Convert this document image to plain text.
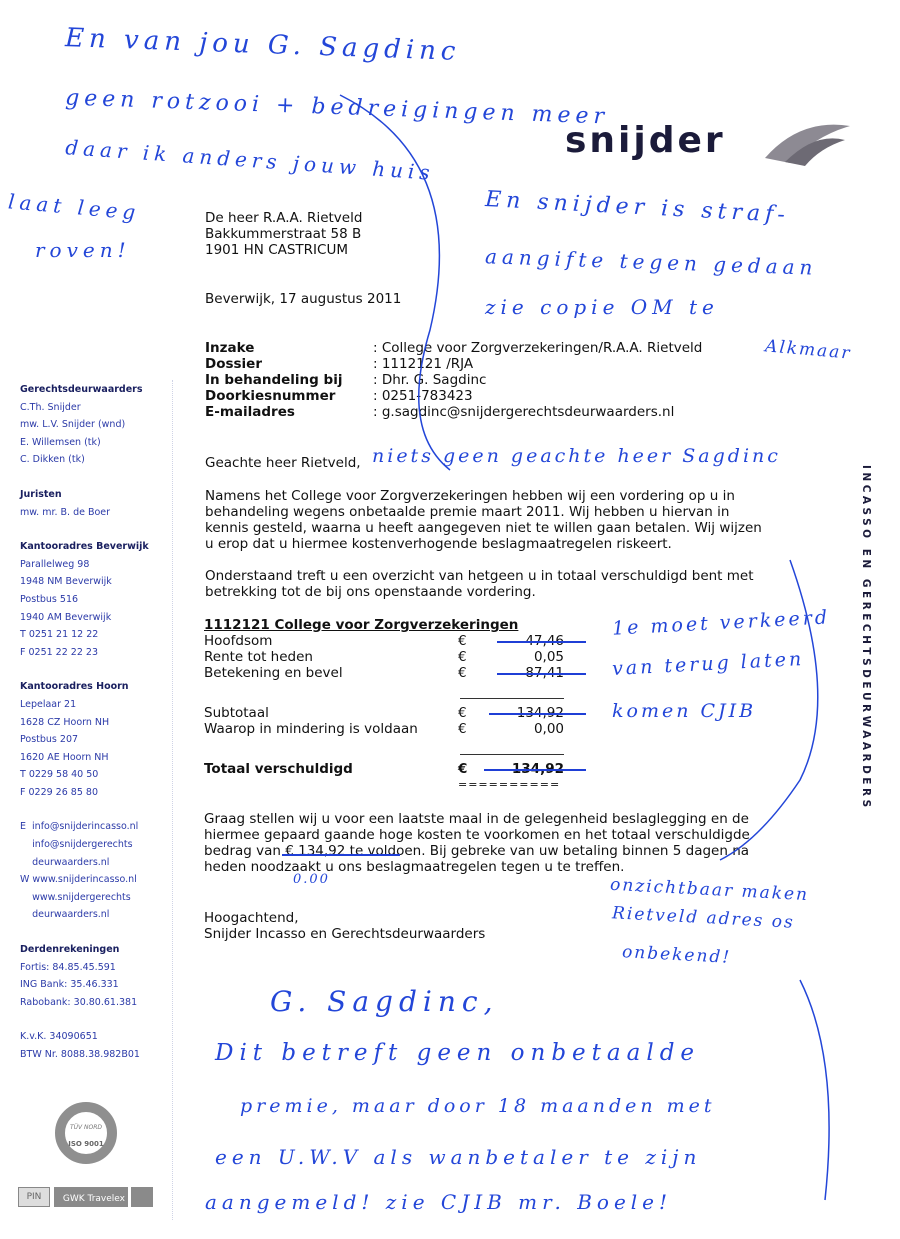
snijder
De heer R.A.A. Rietveld
Bakkummerstraat 58 B
1901 HN CASTRICUM
Beverwijk, 17 augustus 2011
Inzake	: College voor Zorgverzekeringen/R.A.A. Rietveld
Dossier	: 1112121 /RJA
In behandeling bij	: Dhr. G. Sagdinc
Doorkiesnummer	: 0251-783423
E-mailadres	: g.sagdinc@snijdergerechtsdeurwaarders.nl
Geachte heer Rietveld,
Namens het College voor Zorgverzekeringen hebben wij een vordering op u in behandeling wegens onbetaalde premie maart 2011. Wij hebben u hiervan in kennis gesteld, waarna u heeft aangegeven niet te willen gaan betalen. Wij wijzen u erop dat u hiermee kostenverhogende beslagmaatregelen riskeert.
Onderstaand treft u een overzicht van hetgeen u in totaal verschuldigd bent met betrekking tot de bij ons openstaande vordering.
1112121 College voor Zorgverzekeringen
Hoofdsom	€	47,46
Rente tot heden	€	0,05
Betekening en bevel	€	87,41
Subtotaal	€	134,92
Waarop in mindering is voldaan	€	0,00
Totaal verschuldigd	€	134,92
==========
Graag stellen wij u voor een laatste maal in de gelegenheid beslaglegging en de hiermee gepaard gaande hoge kosten te voorkomen en het totaal verschuldigde bedrag van € 134,92 te voldoen. Bij gebreke van uw betaling binnen 5 dagen na heden noodzaakt u ons beslagmaatregelen tegen u te treffen.
Hoogachtend,
Snijder Incasso en Gerechtsdeurwaarders
INCASSO EN GERECHTSDEURWAARDERS
Gerechtsdeurwaarders
C.Th. Snijder
mw. L.V. Snijder (wnd)
E. Willemsen (tk)
C. Dikken (tk)
Juristen
mw. mr. B. de Boer
Kantooradres Beverwijk
Parallelweg 98
1948 NM Beverwijk
Postbus 516
1940 AM Beverwijk
T 0251 21 12 22
F 0251 22 22 23
Kantooradres Hoorn
Lepelaar 21
1628 CZ Hoorn NH
Postbus 207
1620 AE Hoorn NH
T 0229 58 40 50
F 0229 26 85 80
E  info@snijderincasso.nl
info@snijdergerechts
deurwaarders.nl
W www.snijderincasso.nl
www.snijdergerechts
deurwaarders.nl
Derdenrekeningen
Fortis: 84.85.45.591
ING Bank: 35.46.331
Rabobank: 30.80.61.381
K.v.K. 34090651
BTW Nr. 8088.38.982B01
TÜV NORD
ISO 9001
PIN	GWK Travelex
En van jou G. Sagdinc
geen rotzooi + bedreigingen meer
daar ik anders jouw huis
laat leeg
roven!
En snijder is straf-
aangifte tegen gedaan
zie copie OM te
Alkmaar
niets geen geachte heer Sagdinc
1e moet verkeerd
van terug laten
komen CJIB
0.00	onzichtbaar maken
Rietveld adres os
onbekend!
G. Sagdinc,
Dit betreft geen onbetaalde
premie, maar door 18 maanden met
een U.W.V als wanbetaler te zijn
aangemeld! zie CJIB mr. Boele!
